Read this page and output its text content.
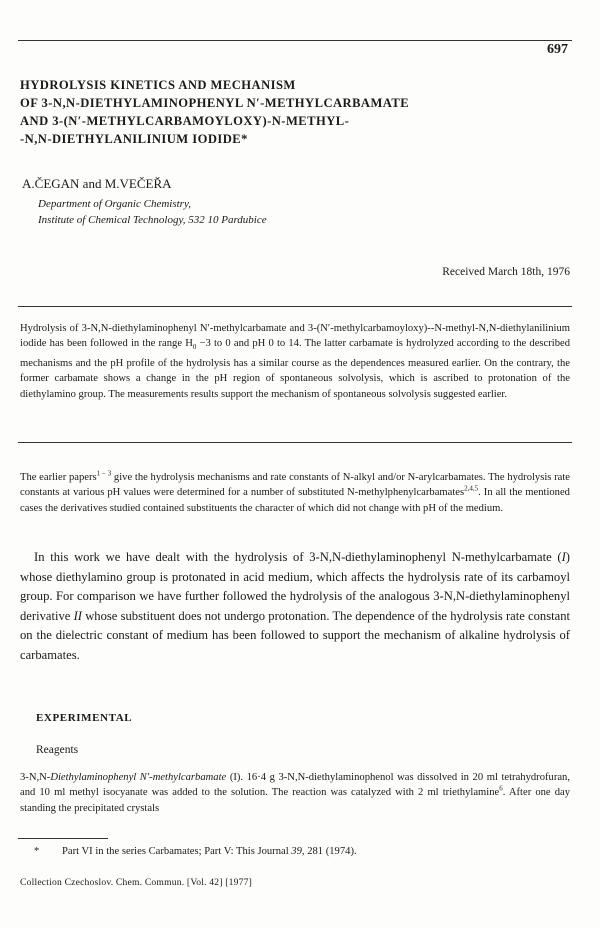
697
HYDROLYSIS KINETICS AND MECHANISM
OF 3-N,N-DIETHYLAMINOPHENYL N′-METHYLCARBAMATE
AND 3-(N′-METHYLCARBAMOYLOXY)-N-METHYL-
-N,N-DIETHYLANILINIUM IODIDE*
A.ČEGAN and M.VEČEŘA
Department of Organic Chemistry,
Institute of Chemical Technology, 532 10 Pardubice
Received March 18th, 1976
Hydrolysis of 3-N,N-diethylaminophenyl N′-methylcarbamate and 3-(N′-methylcarbamoyloxy)--N-methyl-N,N-diethylanilinium iodide has been followed in the range $H_0 -3$ to 0 and pH 0 to 14. The latter carbamate is hydrolyzed according to the described mechanisms and the pH profile of the hydrolysis has a similar course as the dependences measured earlier. On the contrary, the former carbamate shows a change in the pH region of spontaneous solvolysis, which is ascribed to protonation of the diethylamino group. The measurements results support the mechanism of spontaneous solvolysis suggested earlier.
The earlier papers$^{1 - 3}$ give the hydrolysis mechanisms and rate constants of N-alkyl and/or N-arylcarbamates. The hydrolysis rate constants at various pH values were determined for a number of substituted N-methylphenylcarbamates$^{2,4,5}$. In all the mentioned cases the derivatives studied contained substituents the character of which did not change with pH of the medium.
In this work we have dealt with the hydrolysis of 3-N,N-diethylaminophenyl N-methylcarbamate (I) whose diethylamino group is protonated in acid medium, which affects the hydrolysis rate of its carbamoyl group. For comparison we have further followed the hydrolysis of the analogous 3-N,N-diethylaminophenyl derivative II whose substituent does not undergo protonation. The dependence of the hydrolysis rate constant on the dielectric constant of medium has been followed to support the mechanism of alkaline hydrolysis of carbamates.
EXPERIMENTAL
Reagents
3-N,N-Diethylaminophenyl N′-methylcarbamate (I). 16·4 g 3-N,N-diethylaminophenol was dissolved in 20 ml tetrahydrofuran, and 10 ml methyl isocyanate was added to the solution. The reaction was catalyzed with 2 ml triethylamine$^6$. After one day standing the precipitated crystals
* Part VI in the series Carbamates; Part V: This Journal 39, 281 (1974).
Collection Czechoslov. Chem. Commun. [Vol. 42] [1977]
